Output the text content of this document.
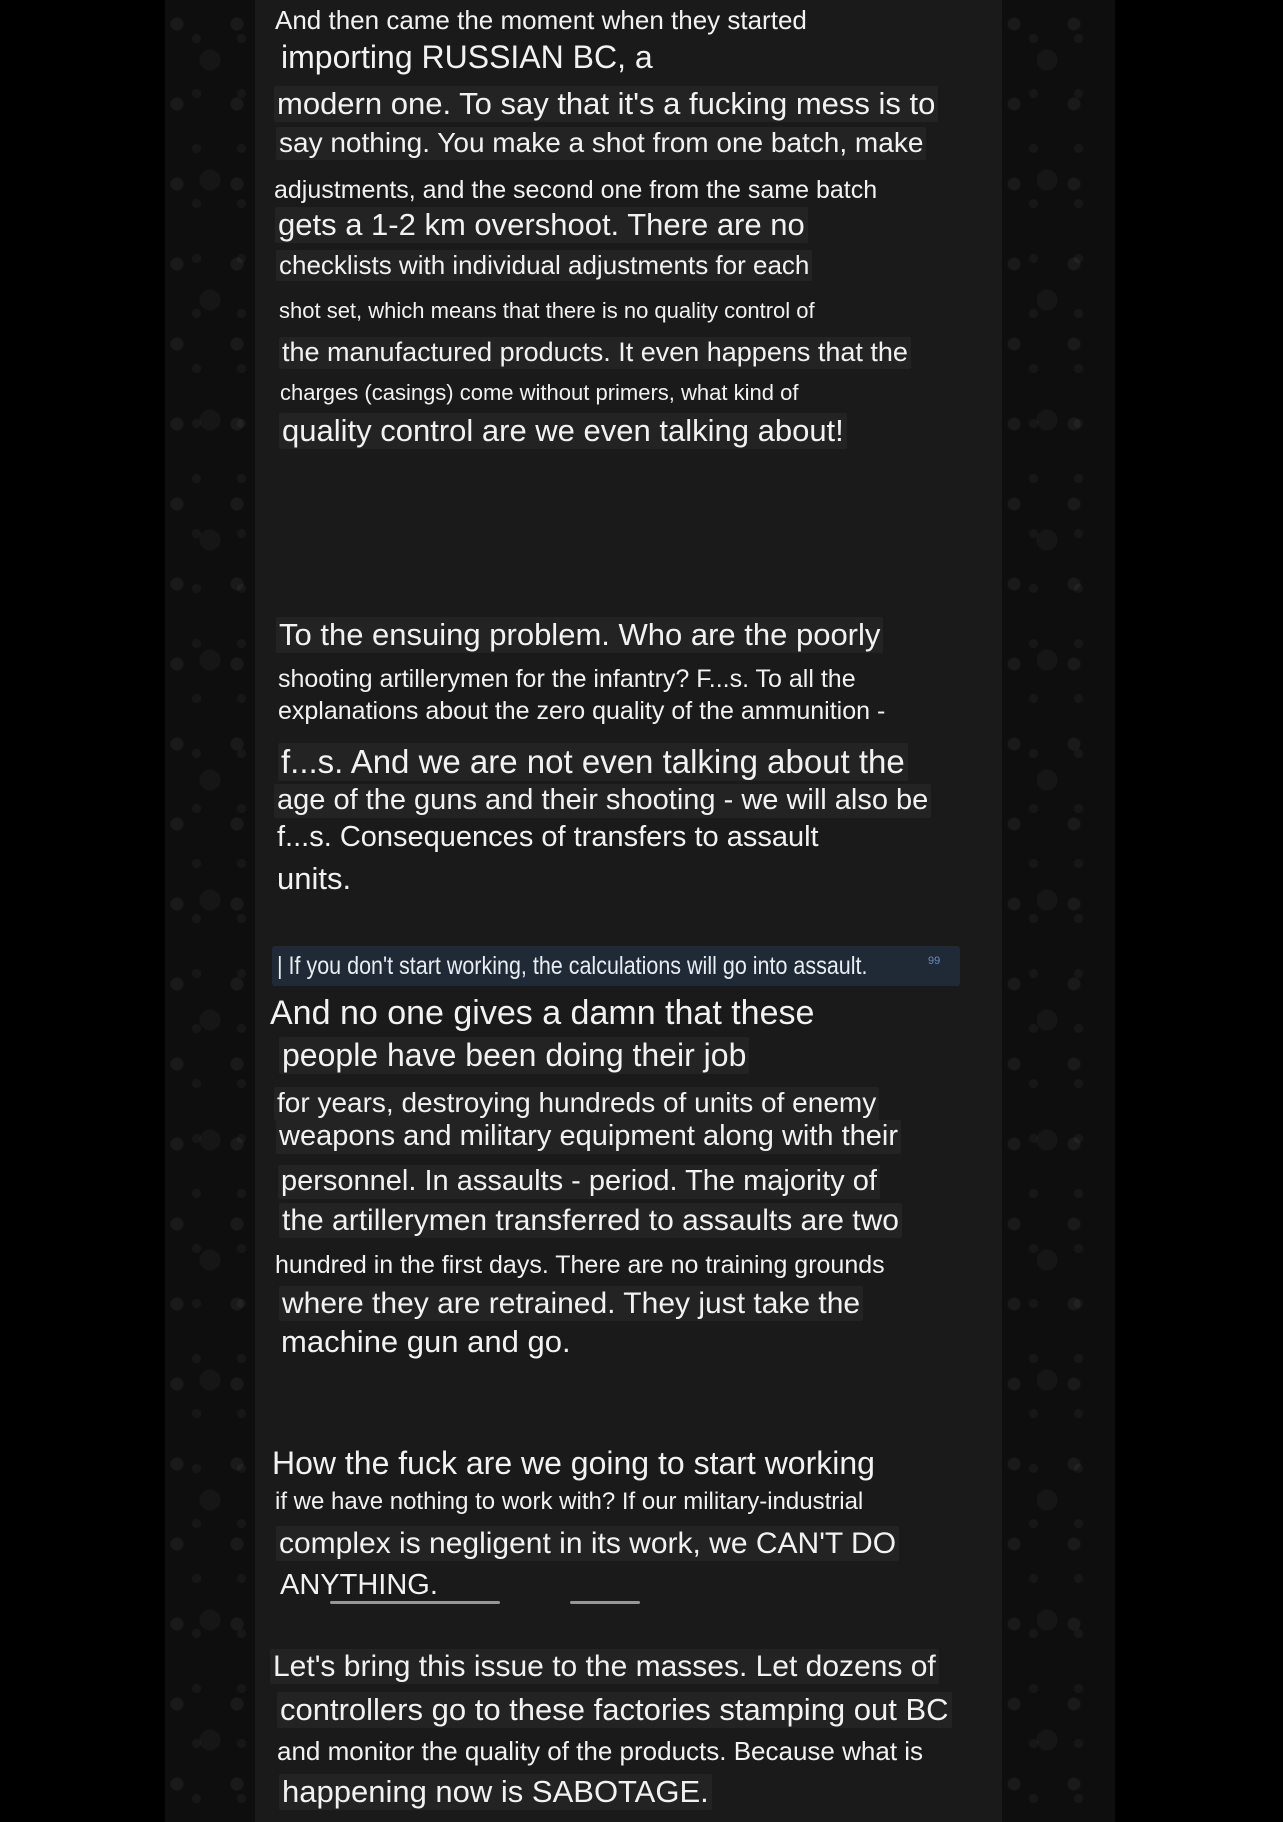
And then came the moment when they started
importing RUSSIAN BC, a
modern one. To say that it's a fucking mess is to
say nothing. You make a shot from one batch, make
adjustments, and the second one from the same batch
gets a 1-2 km overshoot. There are no
checklists with individual adjustments for each
shot set, which means that there is no quality control of
the manufactured products. It even happens that the
charges (casings) come without primers, what kind of
quality control are we even talking about!
To the ensuing problem. Who are the poorly
shooting artillerymen for the infantry? F...s. To all the
explanations about the zero quality of the ammunition -
f...s. And we are not even talking about the
age of the guns and their shooting - we will also be
f...s. Consequences of transfers to assault
units.
| If you don't start working, the calculations will go into assault.	99
And no one gives a damn that these
people have been doing their job
for years, destroying hundreds of units of enemy
weapons and military equipment along with their
personnel. In assaults - period. The majority of
the artillerymen transferred to assaults are two
hundred in the first days. There are no training grounds
where they are retrained. They just take the
machine gun and go.
How the fuck are we going to start working
if we have nothing to work with? If our military-industrial
complex is negligent in its work, we CAN'T DO
ANYTHING.
Let's bring this issue to the masses. Let dozens of
controllers go to these factories stamping out BC
and monitor the quality of the products. Because what is
happening now is SABOTAGE.
